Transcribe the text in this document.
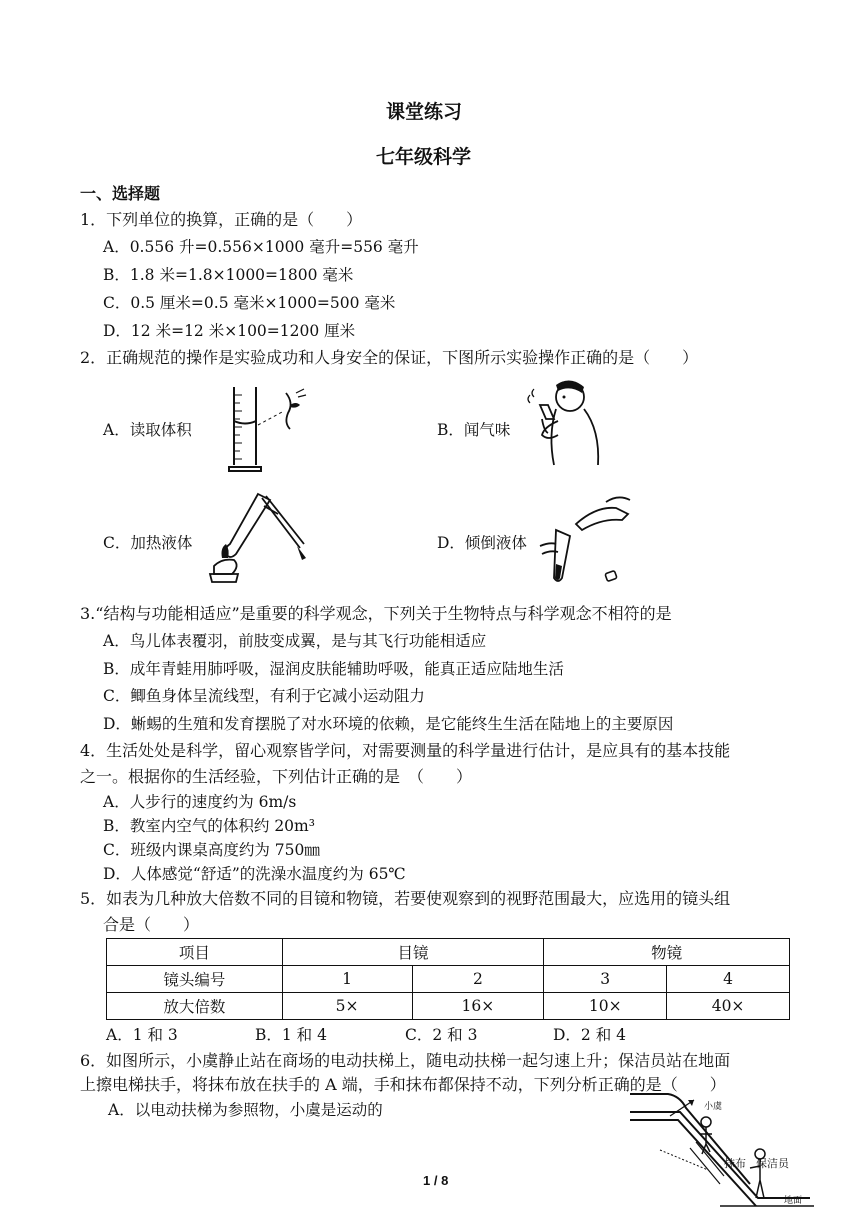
课堂练习
七年级科学
一、选择题
1．下列单位的换算，正确的是（　　）
A．0.556 升=0.556×1000 毫升=556 毫升
B．1.8 米=1.8×1000=1800 毫米
C．0.5 厘米=0.5 毫米×1000=500 毫米
D．12 米=12 米×100=1200 厘米
2．正确规范的操作是实验成功和人身安全的保证，下图所示实验操作正确的是（　　）
A．读取体积	B．闻气味
C．加热液体	D．倾倒液体
3.“结构与功能相适应”是重要的科学观念，下列关于生物特点与科学观念不相符的是
A．鸟儿体表覆羽，前肢变成翼，是与其飞行功能相适应
B．成年青蛙用肺呼吸，湿润皮肤能辅助呼吸，能真正适应陆地生活
C．鲫鱼身体呈流线型，有利于它减小运动阻力
D．蜥蜴的生殖和发育摆脱了对水环境的依赖，是它能终生生活在陆地上的主要原因
4．生活处处是科学，留心观察皆学问，对需要测量的科学量进行估计，是应具有的基本技能
之一。根据你的生活经验，下列估计正确的是　（　　）
A．人步行的速度约为 6m/s
B．教室内空气的体积约 20m³
C．班级内课桌高度约为 750㎜
D．人体感觉“舒适”的洗澡水温度约为 65℃
5．如表为几种放大倍数不同的目镜和物镜，若要使观察到的视野范围最大，应选用的镜头组
合是（　　）
项目	目镜		物镜	
镜头编号	1	2	3	4
放大倍数	5×	16×	10×	40×
A．1 和 3	B．1 和 4	C．2 和 3	D．2 和 4
6．如图所示，小虞静止站在商场的电动扶梯上，随电动扶梯一起匀速上升；保洁员站在地面
上擦电梯扶手，将抹布放在扶手的 A 端，手和抹布都保持不动，下列分析正确的是（　　）
A．以电动扶梯为参照物，小虞是运动的	小虞
抹布 保洁员
地面
1 / 8
